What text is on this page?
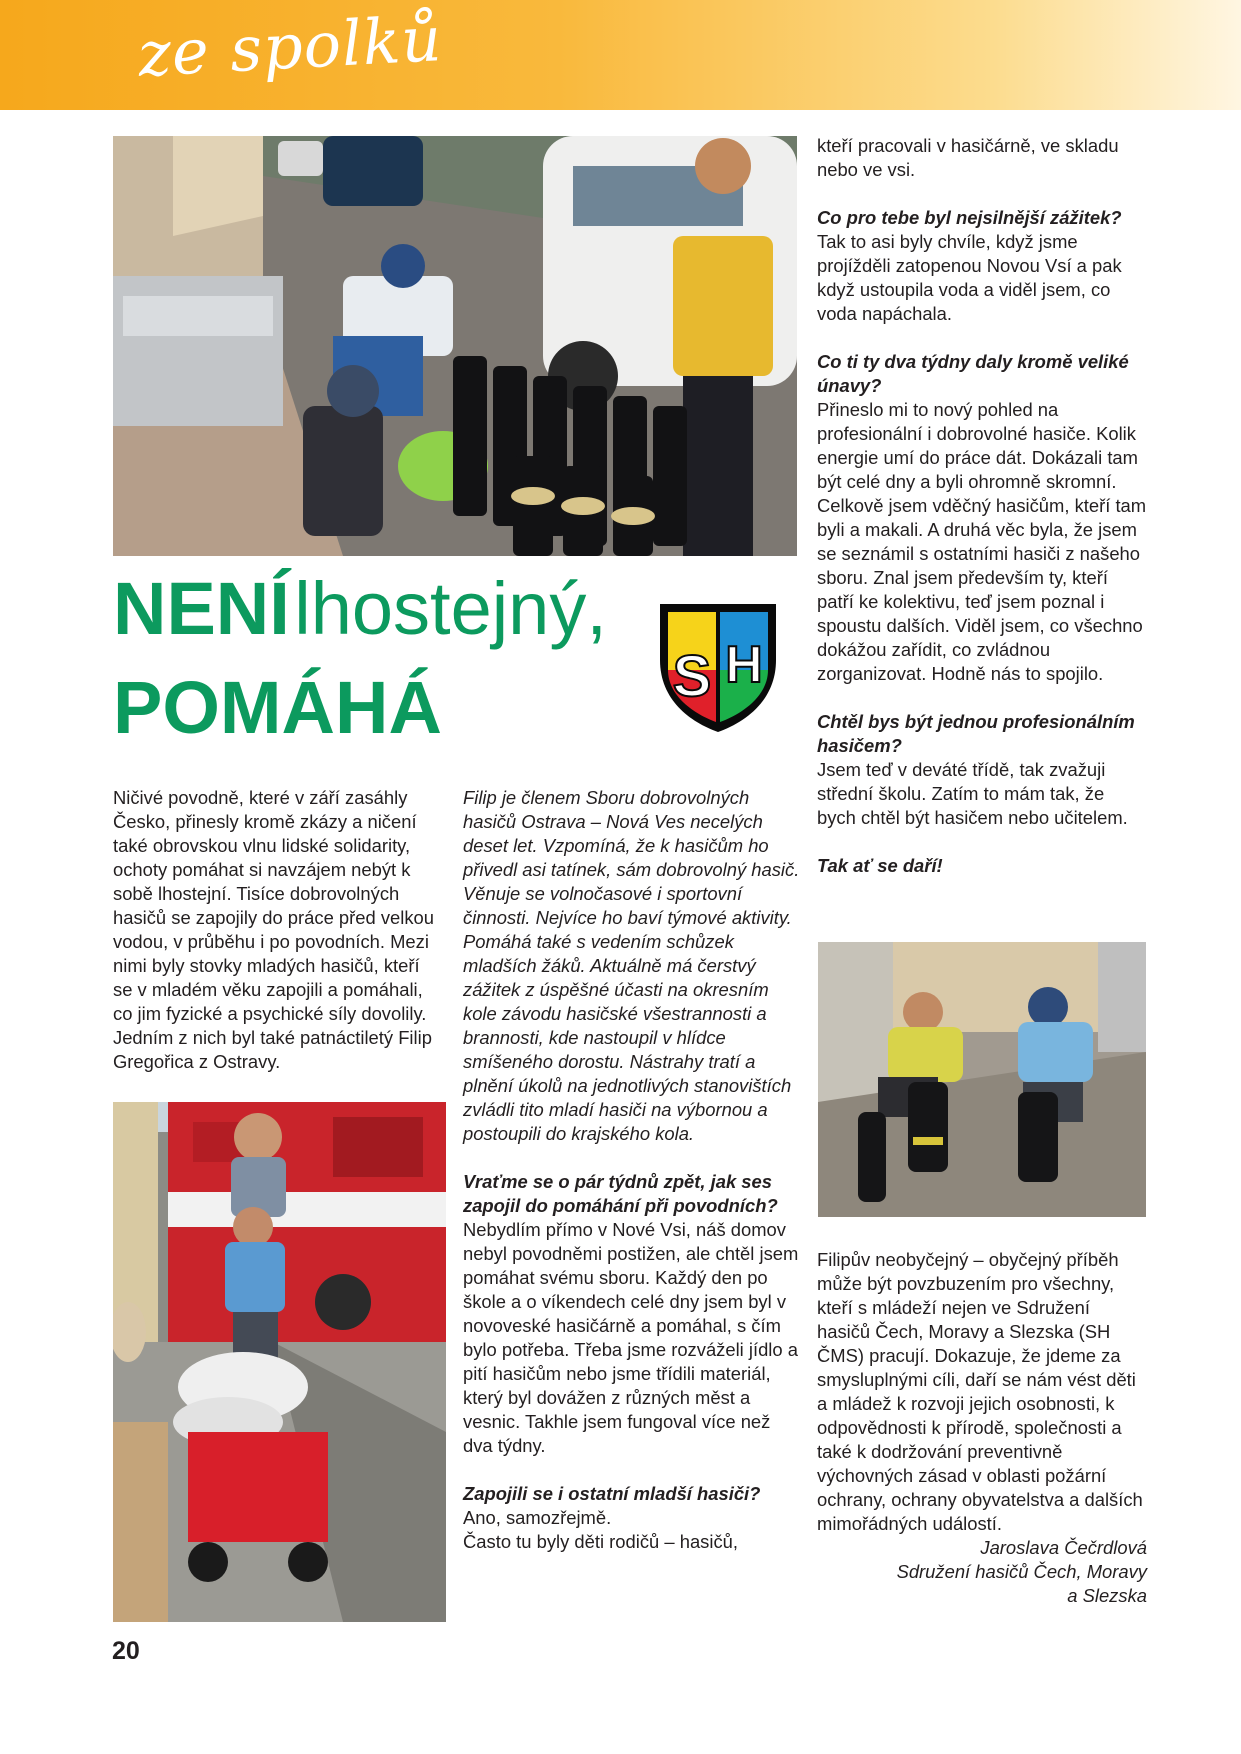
ze spolků
NENÍ lhostejný,
POMÁHÁ	S H

Ničivé povodně, které v září zasáhly Česko, přinesly kromě zkázy a ničení také obrovskou vlnu lidské solidarity, ochoty pomáhat si navzájem nebýt k sobě lhostejní. Tisíce dobrovolných hasičů se zapojily do práce před velkou vodou, v průběhu i po povodních. Mezi nimi byly stovky mladých hasičů, kteří se v mladém věku zapojili a pomáhali, co jim fyzické a psychické síly dovolily. Jedním z nich byl také patnáctiletý Filip Gregořica z Ostravy.

Filip je členem Sboru dobrovolných hasičů Ostrava – Nová Ves necelých deset let. Vzpomíná, že k hasičům ho přivedl asi tatínek, sám dobrovolný hasič. Věnuje se volnočasové i sportovní činnosti. Nejvíce ho baví týmové aktivity. Pomáhá také s vedením schůzek mladších žáků. Aktuálně má čerstvý zážitek z úspěšné účasti na okresním kole závodu hasičské všestrannosti a brannosti, kde nastoupil v hlídce smíšeného dorostu. Nástrahy tratí a plnění úkolů na jednotlivých stanovištích zvládli tito mladí hasiči na výbornou a postoupili do krajského kola.

Vraťme se o pár týdnů zpět, jak ses zapojil do pomáhání při povodních?

Nebydlím přímo v Nové Vsi, náš domov nebyl povodněmi postižen, ale chtěl jsem pomáhat svému sboru. Každý den po škole a o víkendech celé dny jsem byl v novoveské hasičárně a pomáhal, s čím bylo potřeba. Třeba jsme rozváželi jídlo a pití hasičům nebo jsme třídili materiál, který byl dovážen z různých měst a vesnic. Takhle jsem fungoval více než dva týdny.

Zapojili se i ostatní mladší hasiči?

Ano, samozřejmě.

Často tu byly děti rodičů – hasičů,

kteří pracovali v hasičárně, ve skladu nebo ve vsi.

Co pro tebe byl nejsilnější zážitek?

Tak to asi byly chvíle, když jsme projížděli zatopenou Novou Vsí a pak když ustoupila voda a viděl jsem, co voda napáchala.

Co ti ty dva týdny daly kromě veliké únavy?

Přineslo mi to nový pohled na profesionální i dobrovolné hasiče. Kolik energie umí do práce dát. Dokázali tam být celé dny a byli ohromně skromní. Celkově jsem vděčný hasičům, kteří tam byli a makali. A druhá věc byla, že jsem se seznámil s ostatními hasiči z našeho sboru. Znal jsem především ty, kteří patří ke kolektivu, teď jsem poznal i spoustu dalších. Viděl jsem, co všechno dokážou zařídit, co zvládnou zorganizovat. Hodně nás to spojilo.

Chtěl bys být jednou profesionálním hasičem?

Jsem teď v deváté třídě, tak zvažuji střední školu. Zatím to mám tak, že bych chtěl být hasičem nebo učitelem.

Tak ať se daří!

Filipův neobyčejný – obyčejný příběh může být povzbuzením pro všechny, kteří s mládeží nejen ve Sdružení hasičů Čech, Moravy a Slezska (SH ČMS) pracují. Dokazuje, že jdeme za smysluplnými cíli, daří se nám vést děti a mládež k rozvoji jejich osobnosti, k odpovědnosti k přírodě, společnosti a také k dodržování preventivně výchovných zásad v oblasti požární ochrany, ochrany obyvatelstva a dalších mimořádných událostí.

Jaroslava Čečrdlová

Sdružení hasičů Čech, Moravy

a Slezska

20
